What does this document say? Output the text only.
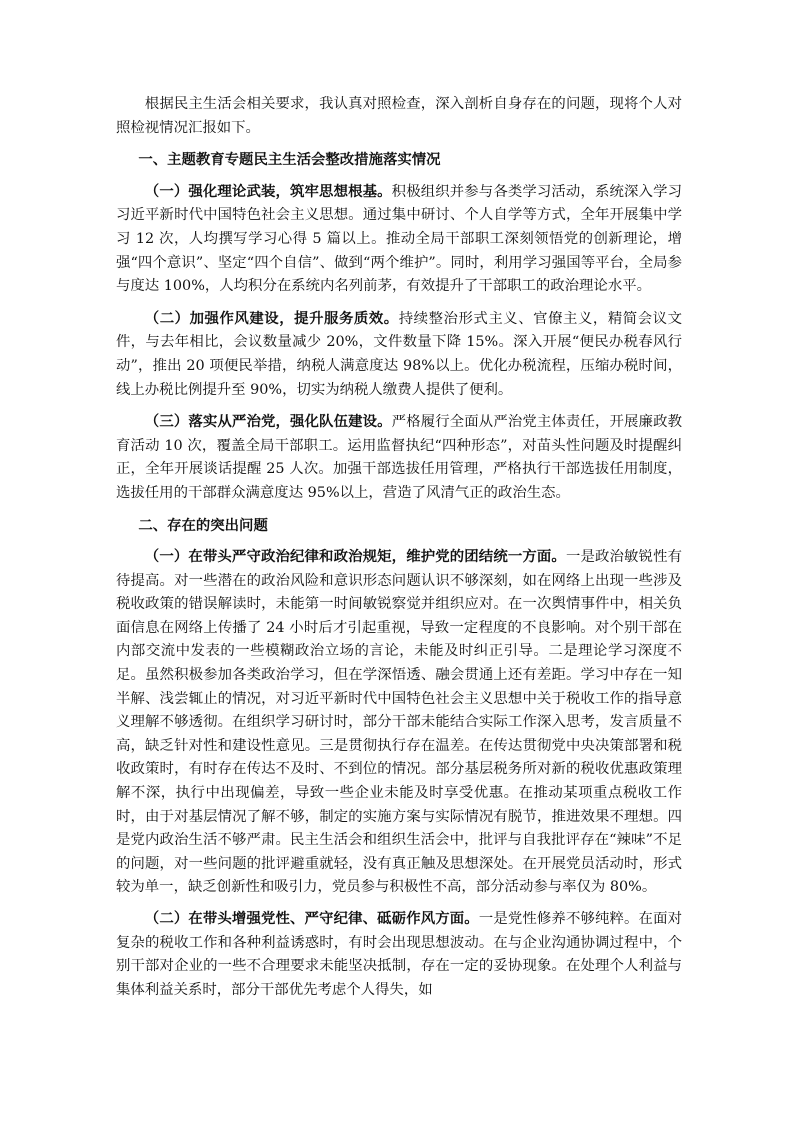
根据民主生活会相关要求，我认真对照检查，深入剖析自身存在的问题，现将个人对照检视情况汇报如下。

一、主题教育专题民主生活会整改措施落实情况

（一）强化理论武装，筑牢思想根基。积极组织并参与各类学习活动，系统深入学习习近平新时代中国特色社会主义思想。通过集中研讨、个人自学等方式，全年开展集中学习 12 次，人均撰写学习心得 5 篇以上。推动全局干部职工深刻领悟党的创新理论，增强“四个意识”、坚定“四个自信”、做到“两个维护”。同时，利用学习强国等平台，全局参与度达 100%，人均积分在系统内名列前茅，有效提升了干部职工的政治理论水平。

（二）加强作风建设，提升服务质效。持续整治形式主义、官僚主义，精简会议文件，与去年相比，会议数量减少 20%，文件数量下降 15%。深入开展“便民办税春风行动”，推出 20 项便民举措，纳税人满意度达 98%以上。优化办税流程，压缩办税时间，线上办税比例提升至 90%，切实为纳税人缴费人提供了便利。

（三）落实从严治党，强化队伍建设。严格履行全面从严治党主体责任，开展廉政教育活动 10 次，覆盖全局干部职工。运用监督执纪“四种形态”，对苗头性问题及时提醒纠正，全年开展谈话提醒 25 人次。加强干部选拔任用管理，严格执行干部选拔任用制度，选拔任用的干部群众满意度达 95%以上，营造了风清气正的政治生态。

二、存在的突出问题

（一）在带头严守政治纪律和政治规矩，维护党的团结统一方面。一是政治敏锐性有待提高。对一些潜在的政治风险和意识形态问题认识不够深刻，如在网络上出现一些涉及税收政策的错误解读时，未能第一时间敏锐察觉并组织应对。在一次舆情事件中，相关负面信息在网络上传播了 24 小时后才引起重视，导致一定程度的不良影响。对个别干部在内部交流中发表的一些模糊政治立场的言论，未能及时纠正引导。二是理论学习深度不足。虽然积极参加各类政治学习，但在学深悟透、融会贯通上还有差距。学习中存在一知半解、浅尝辄止的情况，对习近平新时代中国特色社会主义思想中关于税收工作的指导意义理解不够透彻。在组织学习研讨时，部分干部未能结合实际工作深入思考，发言质量不高，缺乏针对性和建设性意见。三是贯彻执行存在温差。在传达贯彻党中央决策部署和税收政策时，有时存在传达不及时、不到位的情况。部分基层税务所对新的税收优惠政策理解不深，执行中出现偏差，导致一些企业未能及时享受优惠。在推动某项重点税收工作时，由于对基层情况了解不够，制定的实施方案与实际情况有脱节，推进效果不理想。四是党内政治生活不够严肃。民主生活会和组织生活会中，批评与自我批评存在“辣味”不足的问题，对一些问题的批评避重就轻，没有真正触及思想深处。在开展党员活动时，形式较为单一，缺乏创新性和吸引力，党员参与积极性不高，部分活动参与率仅为 80%。

（二）在带头增强党性、严守纪律、砥砺作风方面。一是党性修养不够纯粹。在面对复杂的税收工作和各种利益诱惑时，有时会出现思想波动。在与企业沟通协调过程中，个别干部对企业的一些不合理要求未能坚决抵制，存在一定的妥协现象。在处理个人利益与集体利益关系时，部分干部优先考虑个人得失，如
